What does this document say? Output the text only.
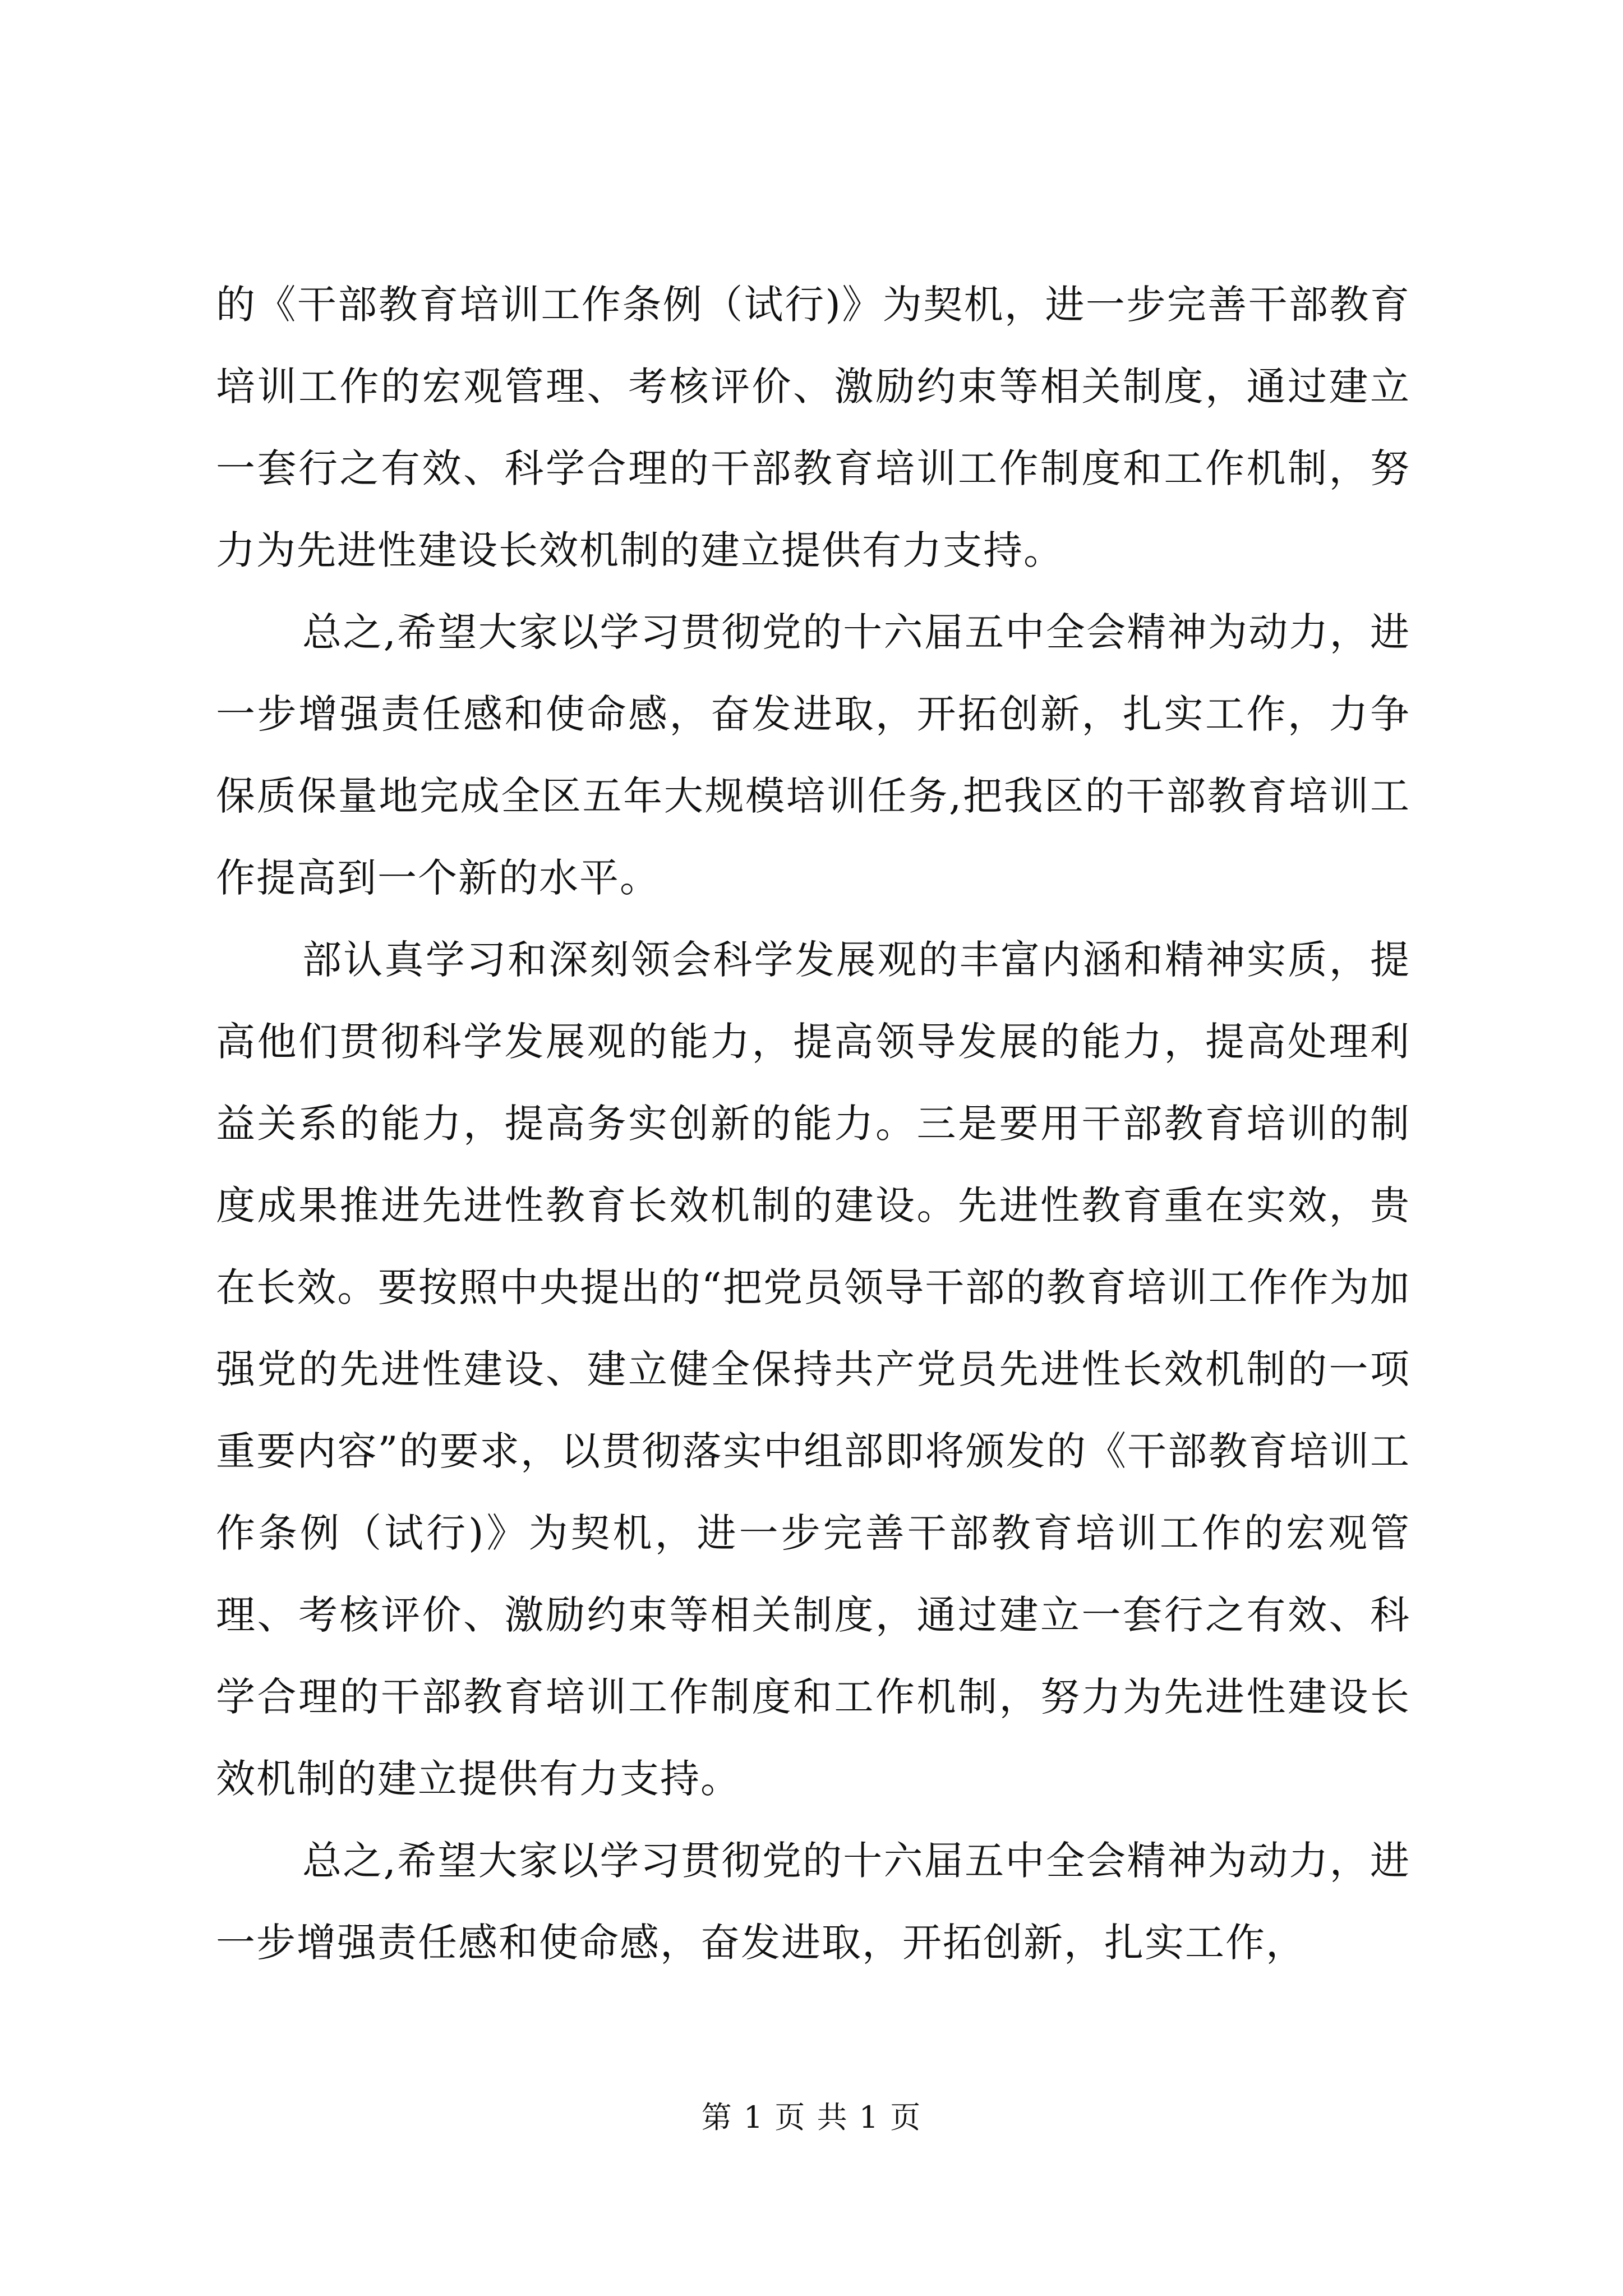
的《干部教育培训工作条例（试行)》为契机，进一步完善干部教育培训工作的宏观管理、考核评价、激励约束等相关制度，通过建立一套行之有效、科学合理的干部教育培训工作制度和工作机制，努力为先进性建设长效机制的建立提供有力支持。

总之,希望大家以学习贯彻党的十六届五中全会精神为动力，进一步增强责任感和使命感，奋发进取，开拓创新，扎实工作，力争保质保量地完成全区五年大规模培训任务,把我区的干部教育培训工作提高到一个新的水平。

部认真学习和深刻领会科学发展观的丰富内涵和精神实质，提高他们贯彻科学发展观的能力，提高领导发展的能力，提高处理利益关系的能力，提高务实创新的能力。三是要用干部教育培训的制度成果推进先进性教育长效机制的建设。先进性教育重在实效，贵在长效。要按照中央提出的“把党员领导干部的教育培训工作作为加强党的先进性建设、建立健全保持共产党员先进性长效机制的一项重要内容”的要求，以贯彻落实中组部即将颁发的《干部教育培训工作条例（试行)》为契机，进一步完善干部教育培训工作的宏观管理、考核评价、激励约束等相关制度，通过建立一套行之有效、科学合理的干部教育培训工作制度和工作机制，努力为先进性建设长效机制的建立提供有力支持。

总之,希望大家以学习贯彻党的十六届五中全会精神为动力，进一步增强责任感和使命感，奋发进取，开拓创新，扎实工作，

第 1 页 共 1 页
